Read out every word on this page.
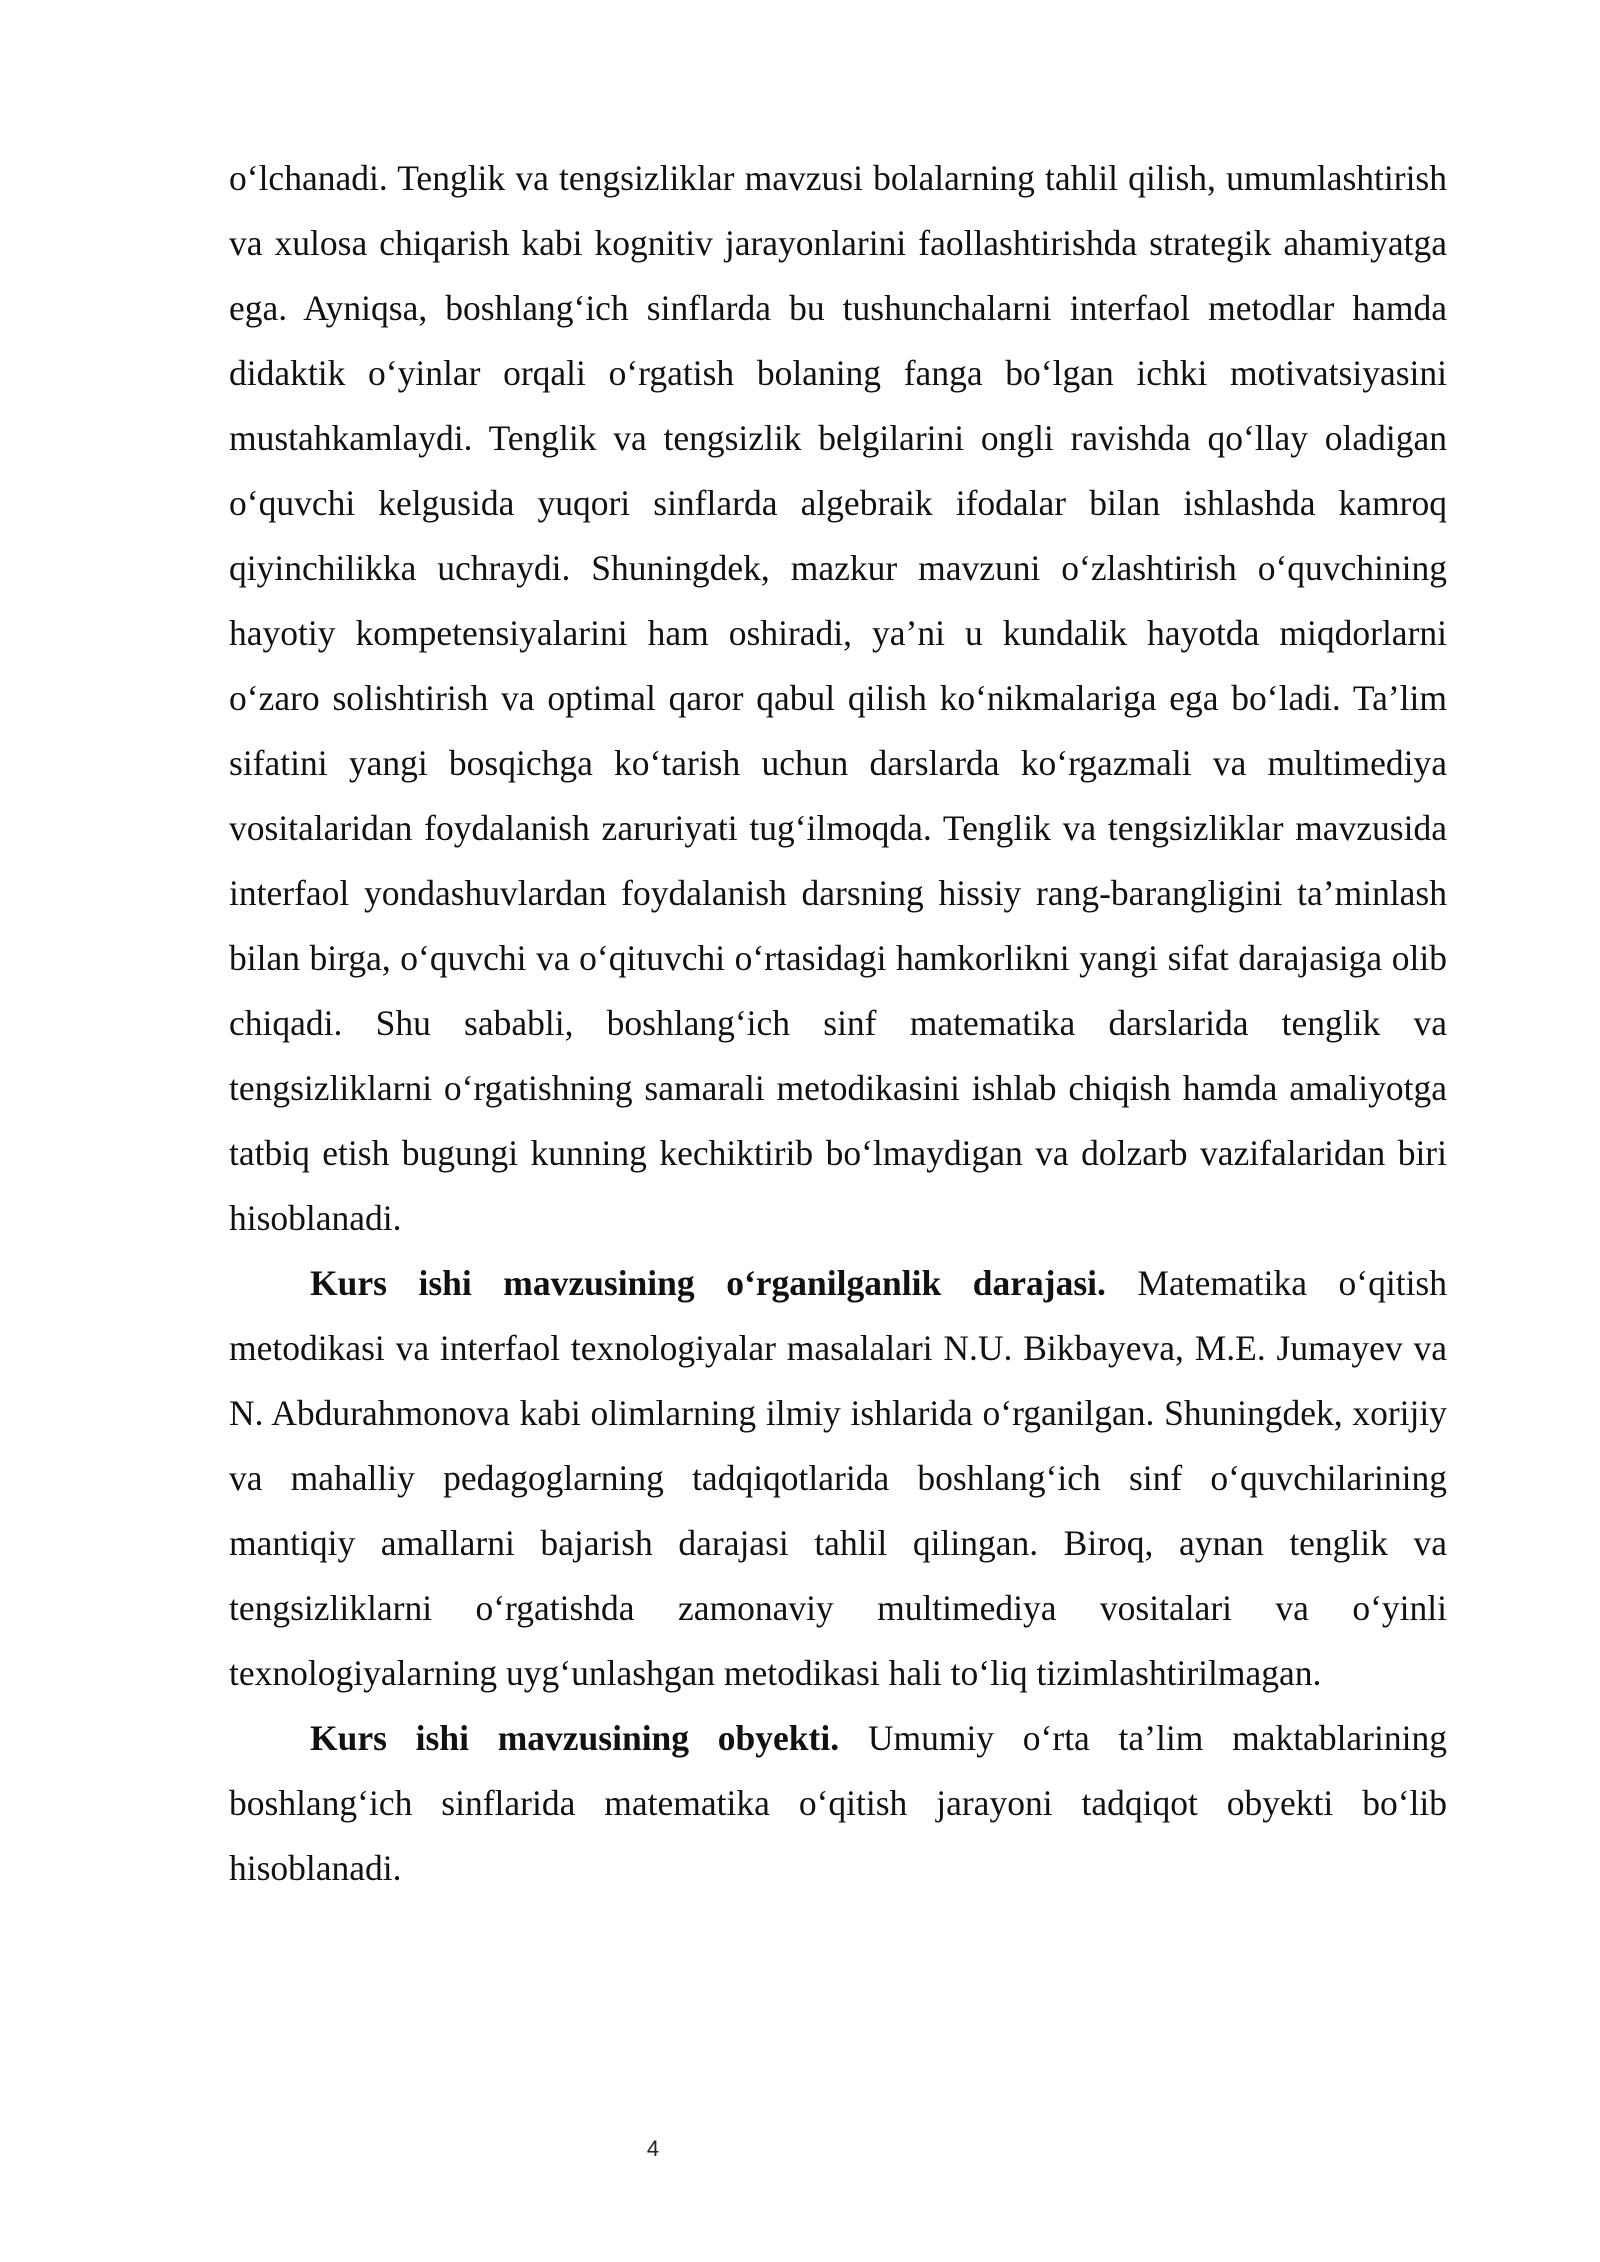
o‘lchanadi. Tenglik va tengsizliklar mavzusi bolalarning tahlil qilish, umumlashtirish va xulosa chiqarish kabi kognitiv jarayonlarini faollashtirishda strategik ahamiyatga ega. Ayniqsa, boshlang‘ich sinflarda bu tushunchalarni interfaol metodlar hamda didaktik o‘yinlar orqali o‘rgatish bolaning fanga bo‘lgan ichki motivatsiyasini mustahkamlaydi. Tenglik va tengsizlik belgilarini ongli ravishda qo‘llay oladigan o‘quvchi kelgusida yuqori sinflarda algebraik ifodalar bilan ishlashda kamroq qiyinchilikka uchraydi. Shuningdek, mazkur mavzuni o‘zlashtirish o‘quvchining hayotiy kompetensiyalarini ham oshiradi, ya’ni u kundalik hayotda miqdorlarni o‘zaro solishtirish va optimal qaror qabul qilish ko‘nikmalariga ega bo‘ladi. Ta’lim sifatini yangi bosqichga ko‘tarish uchun darslarda ko‘rgazmali va multimediya vositalaridan foydalanish zaruriyati tug‘ilmoqda. Tenglik va tengsizliklar mavzusida interfaol yondashuvlardan foydalanish darsning hissiy rang-barangligini ta’minlash bilan birga, o‘quvchi va o‘qituvchi o‘rtasidagi hamkorlikni yangi sifat darajasiga olib chiqadi. Shu sababli, boshlang‘ich sinf matematika darslarida tenglik va tengsizliklarni o‘rgatishning samarali metodikasini ishlab chiqish hamda amaliyotga tatbiq etish bugungi kunning kechiktirib bo‘lmaydigan va dolzarb vazifalaridan biri hisoblanadi.

Kurs ishi mavzusining o‘rganilganlik darajasi. Matematika o‘qitish metodikasi va interfaol texnologiyalar masalalari N.U. Bikbayeva, M.E. Jumayev va N. Abdurahmonova kabi olimlarning ilmiy ishlarida o‘rganilgan. Shuningdek, xorijiy va mahalliy pedagoglarning tadqiqotlarida boshlang‘ich sinf o‘quvchilarining mantiqiy amallarni bajarish darajasi tahlil qilingan. Biroq, aynan tenglik va tengsizliklarni o‘rgatishda zamonaviy multimediya vositalari va o‘yinli texnologiyalarning uyg‘unlashgan metodikasi hali to‘liq tizimlashtirilmagan.

Kurs ishi mavzusining obyekti. Umumiy o‘rta ta’lim maktablarining boshlang‘ich sinflarida matematika o‘qitish jarayoni tadqiqot obyekti bo‘lib hisoblanadi.

4
